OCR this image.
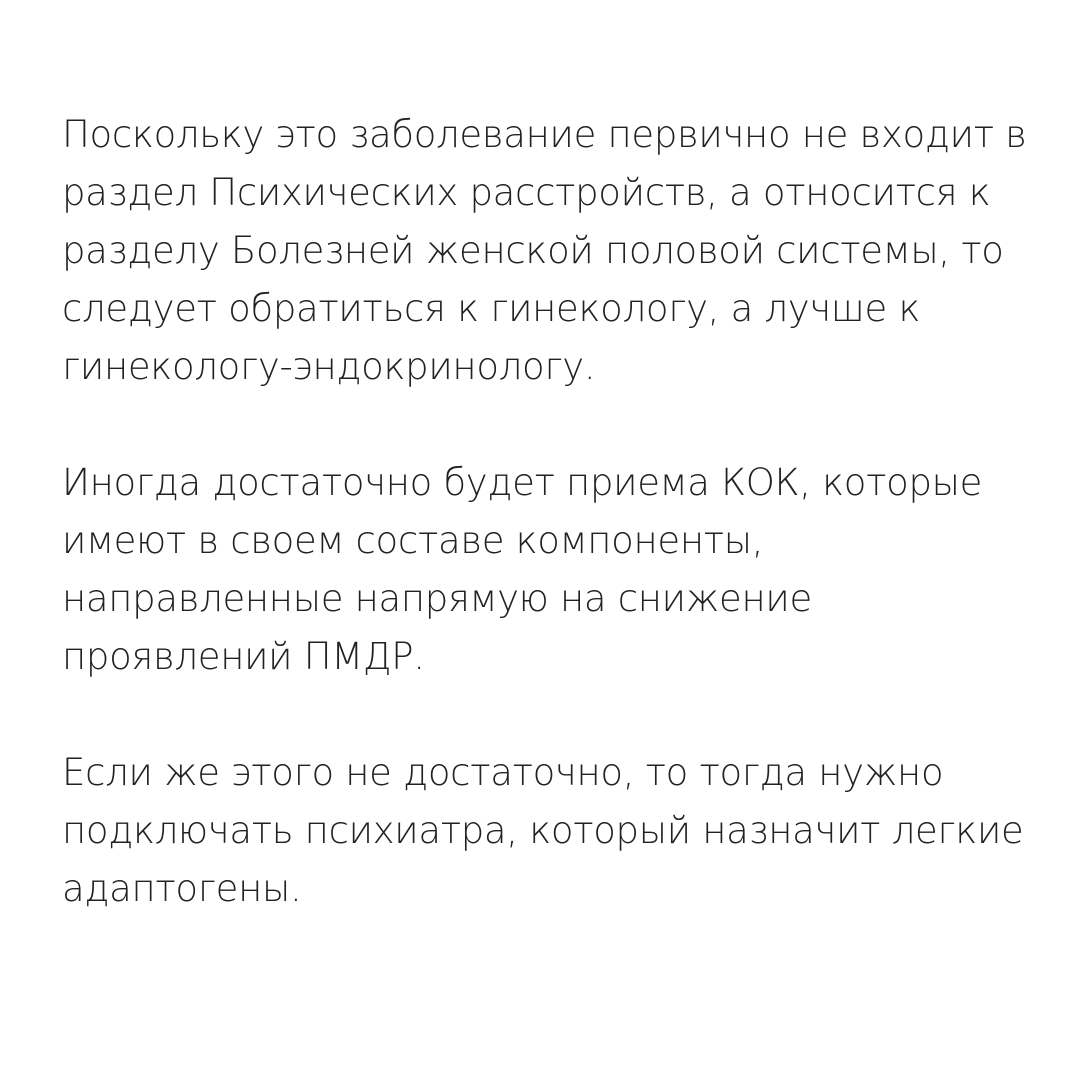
Поскольку это заболевание первично не входит в
раздел Психических расстройств, а относится к
разделу Болезней женской половой системы, то
следует обратиться к гинекологу, а лучше к
гинекологу-эндокринологу.

Иногда достаточно будет приема КОК, которые
имеют в своем составе компоненты,
направленные напрямую на снижение
проявлений ПМДР.

Если же этого не достаточно, то тогда нужно
подключать психиатра, который назначит легкие
адаптогены.
